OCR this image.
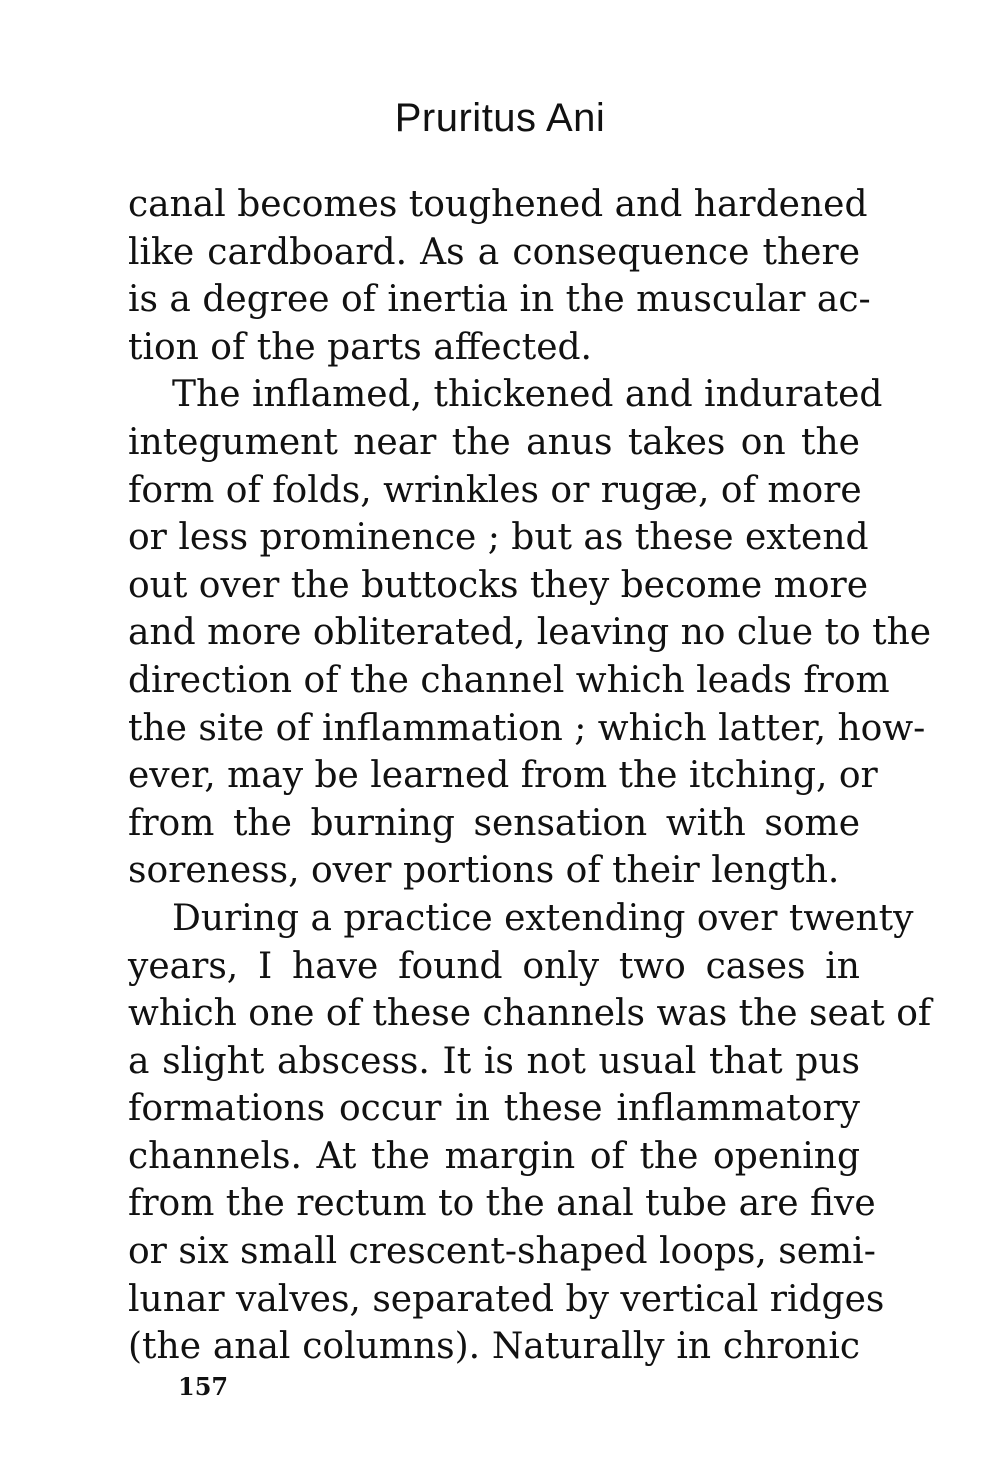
Pruritus Ani
canal becomes toughened and hardened
like cardboard. As a consequence there
is a degree of inertia in the muscular ac-
tion of the parts affected.
The inflamed, thickened and indurated
integument near the anus takes on the
form of folds, wrinkles or rugæ, of more
or less prominence ; but as these extend
out over the buttocks they become more
and more obliterated, leaving no clue to the
direction of the channel which leads from
the site of inflammation ; which latter, how-
ever, may be learned from the itching, or
from the burning sensation with some
soreness, over portions of their length.
During a practice extending over twenty
years, I have found only two cases in
which one of these channels was the seat of
a slight abscess. It is not usual that pus
formations occur in these inflammatory
channels. At the margin of the opening
from the rectum to the anal tube are five
or six small crescent-shaped loops, semi-
lunar valves, separated by vertical ridges
(the anal columns). Naturally in chronic
157
